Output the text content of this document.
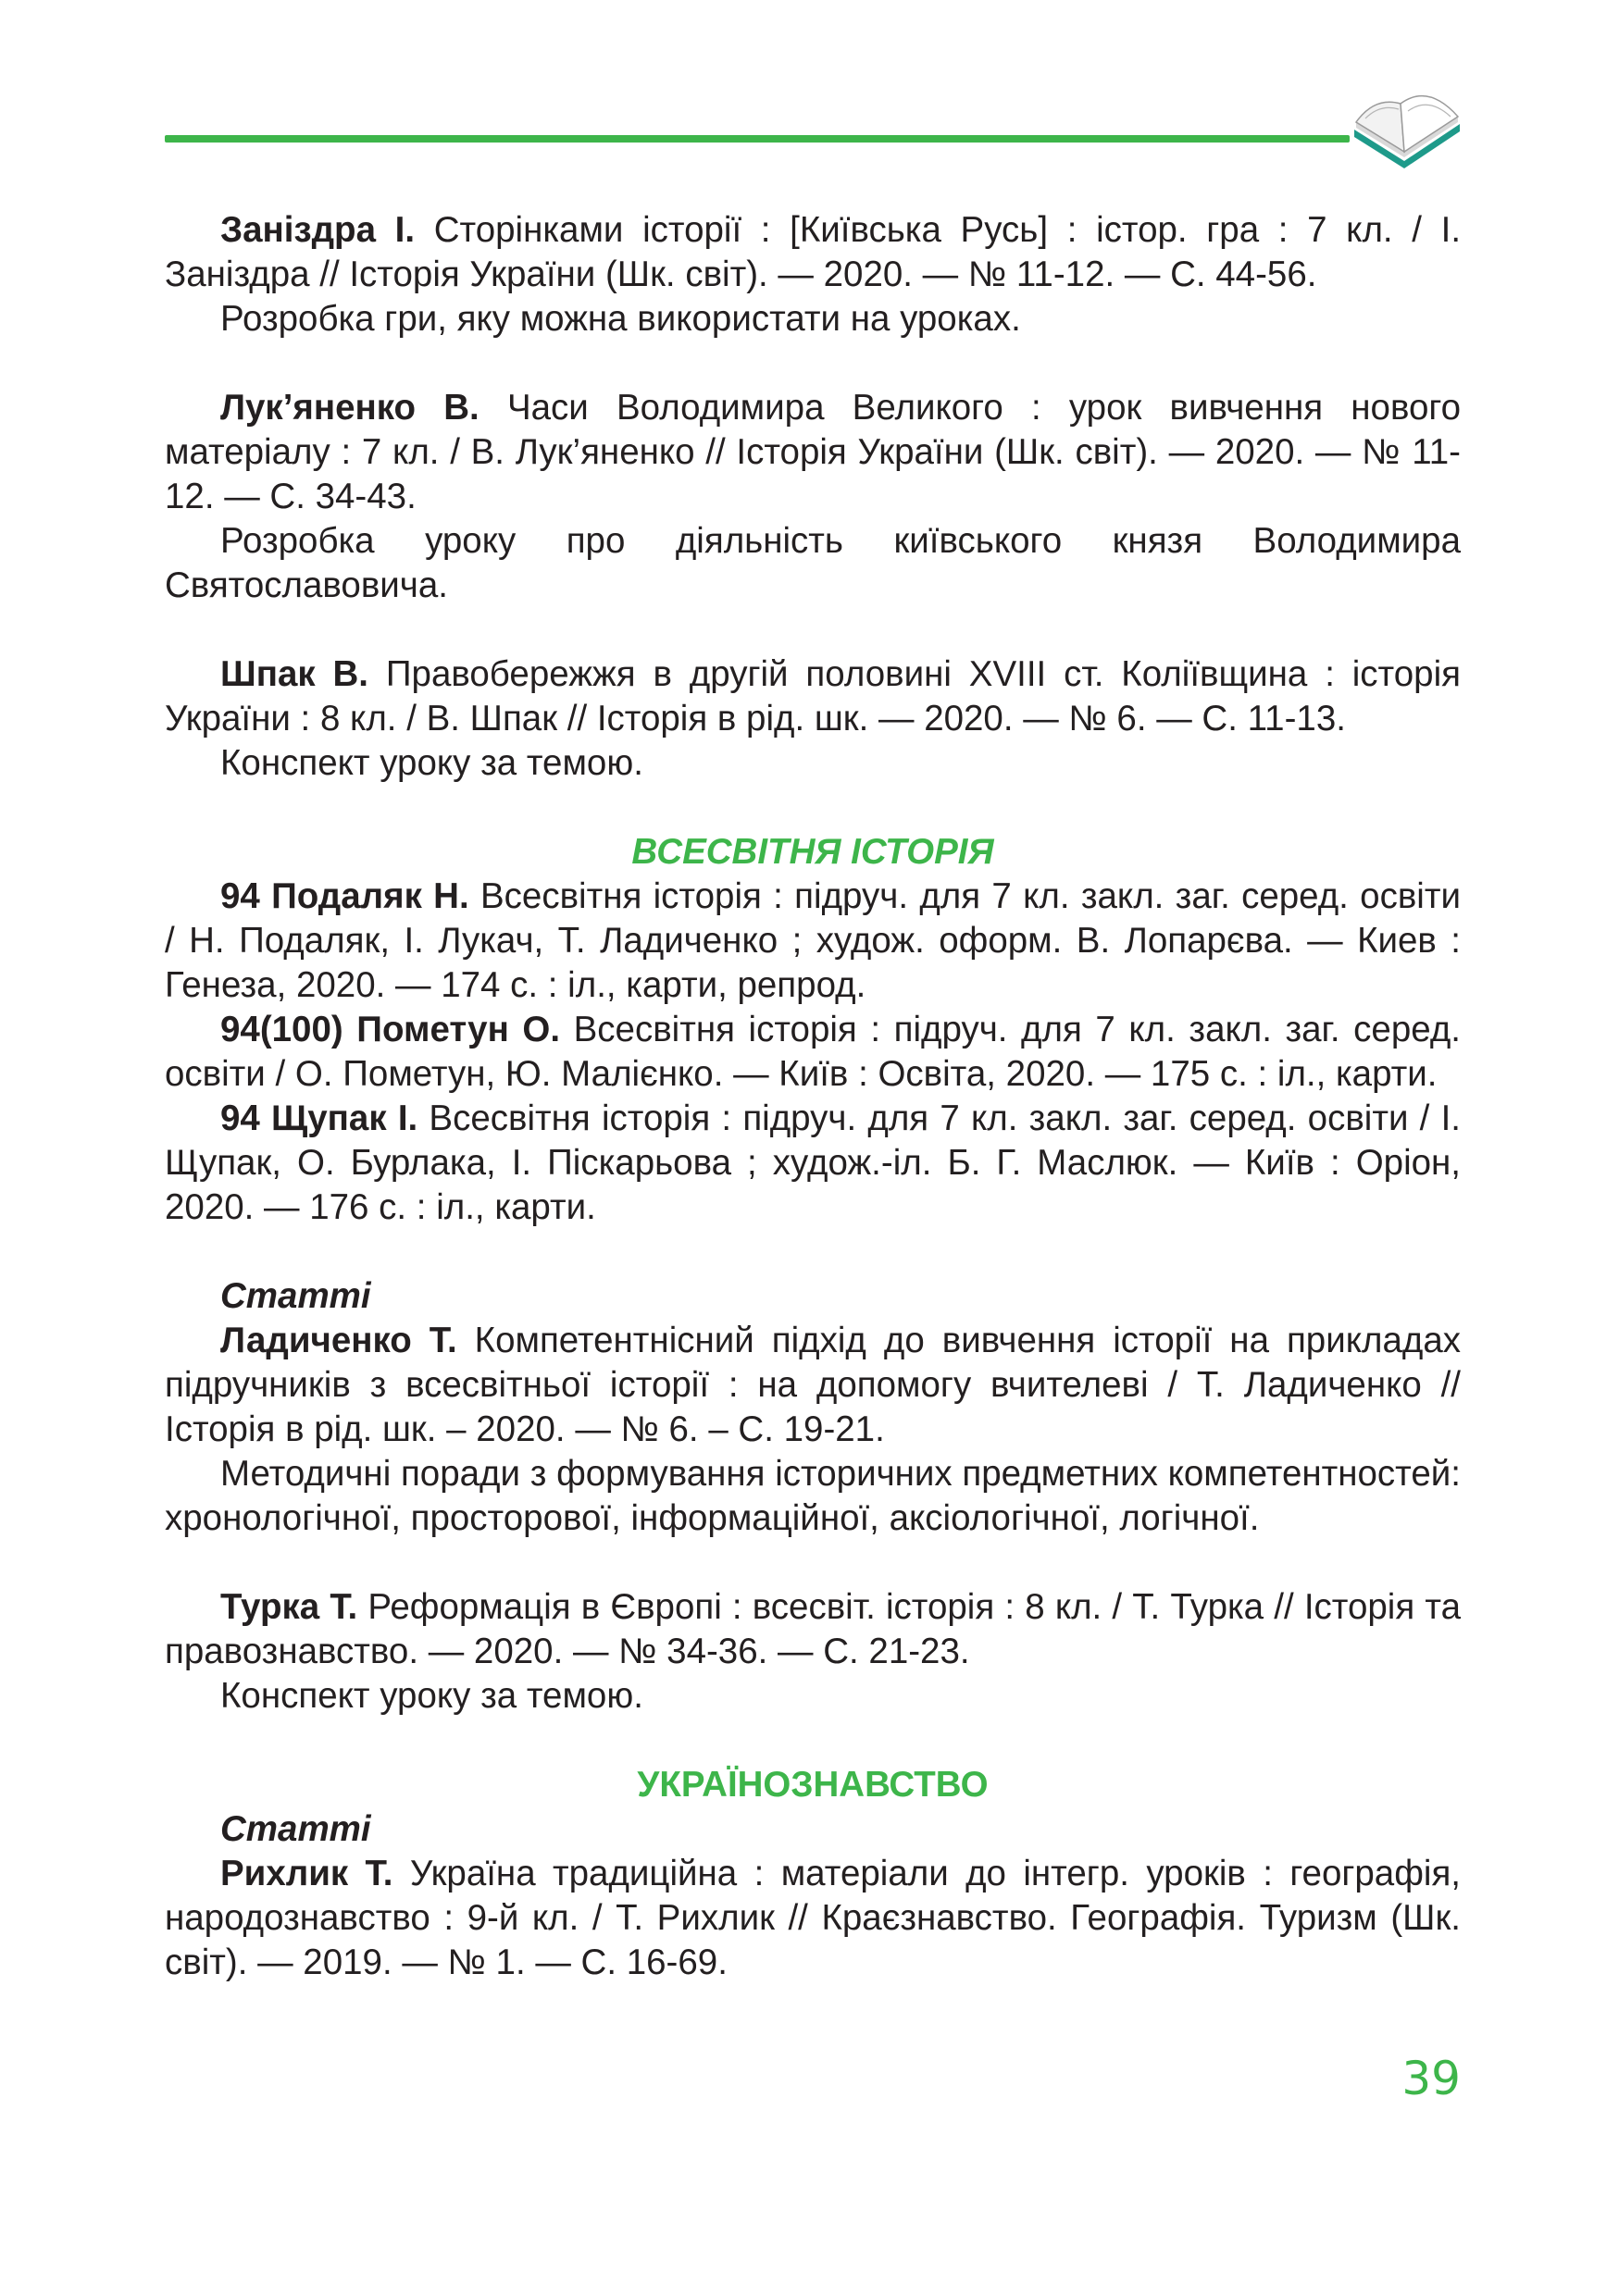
Заніздра І. Сторінками історії : [Київська Русь] : істор. гра : 7 кл. / І. Заніздра // Історія України (Шк. світ). — 2020. — № 11-12. — С. 44-56.

Розробка гри, яку можна використати на уроках.

Лук’яненко В. Часи Володимира Великого : урок вивчення нового матеріалу : 7 кл. / В. Лук’яненко // Історія України (Шк. світ). — 2020. — № 11-12. — С. 34-43.

Розробка уроку про діяльність київського князя Володимира Святославовича.

Шпак В. Правобережжя в другій половині XVIII ст. Коліївщина : історія України : 8 кл. / В. Шпак // Історія в рід. шк. — 2020. — № 6. — С. 11-13.

Конспект уроку за темою.

ВСЕСВІТНЯ ІСТОРІЯ

94 Подаляк Н. Всесвітня історія : підруч. для 7 кл. закл. заг. серед. освіти / Н. Подаляк, І. Лукач, Т. Ладиченко ; худож. оформ. В. Лопарєва. — Киев : Генеза, 2020. — 174 с. : іл., карти, репрод.

94(100) Пометун О. Всесвітня історія : підруч. для 7 кл. закл. заг. серед. освіти / О. Пометун, Ю. Малієнко. — Київ : Освіта, 2020. — 175 с. : іл., карти.

94 Щупак І. Всесвітня історія : підруч. для 7 кл. закл. заг. серед. освіти / І. Щупак, О. Бурлака, І. Піскарьова ; худож.-іл. Б. Г. Маслюк. — Київ : Оріон, 2020. — 176 с. : іл., карти.

Статті

Ладиченко Т. Компетентнісний підхід до вивчення історії на прикладах підручників з всесвітньої історії : на допомогу вчителеві / Т. Ладиченко // Історія в рід. шк. – 2020. — № 6. – С. 19-21.

Методичні поради з формування історичних предметних компетентностей: хронологічної, просторової, інформаційної, аксіологічної, логічної.

Турка Т. Реформація в Європі : всесвіт. історія : 8 кл. / Т. Турка // Історія та правознавство. — 2020. — № 34-36. — С. 21-23.

Конспект уроку за темою.

УКРАЇНОЗНАВСТВО

Статті

Рихлик Т. Україна традиційна : матеріали до інтегр. уроків : географія, народознавство : 9-й кл. / Т. Рихлик // Краєзнавство. Географія. Туризм (Шк. світ). — 2019. — № 1. — С. 16-69.

39
